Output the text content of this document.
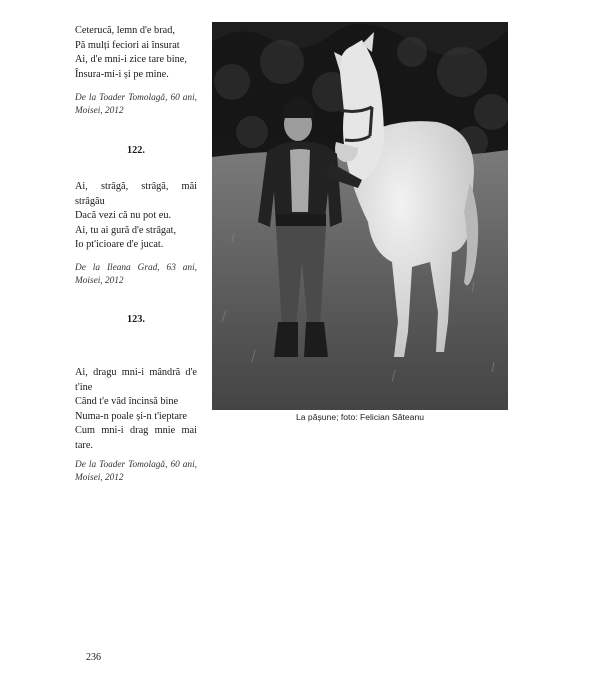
Ceterucă, lemn d'e brad,
Pă mulți feciori ai însurat
Ai, d'e mni-i zice tare bine,
Însura-mi-i și pe mine.
De la Toader Tomolagă, 60 ani, Moisei, 2012
122.
Ai, strâgă, strâgă, măi strâgău
Dacă vezi că nu pot eu.
Ai, tu ai gură d'e strâgat,
Io pt'icioare d'e jucat.
De la Ileana Grad, 63 ani, Moisei, 2012
123.
Ai, dragu mni-i mândră d'e t'ine
Când t'e văd încinsă bine
Numa-n poale și-n t'ieptare
Cum mni-i drag mnie mai tare.
De la Toader Tomolagă, 60 ani, Moisei, 2012
La pășune; foto: Felician Săteanu
236
